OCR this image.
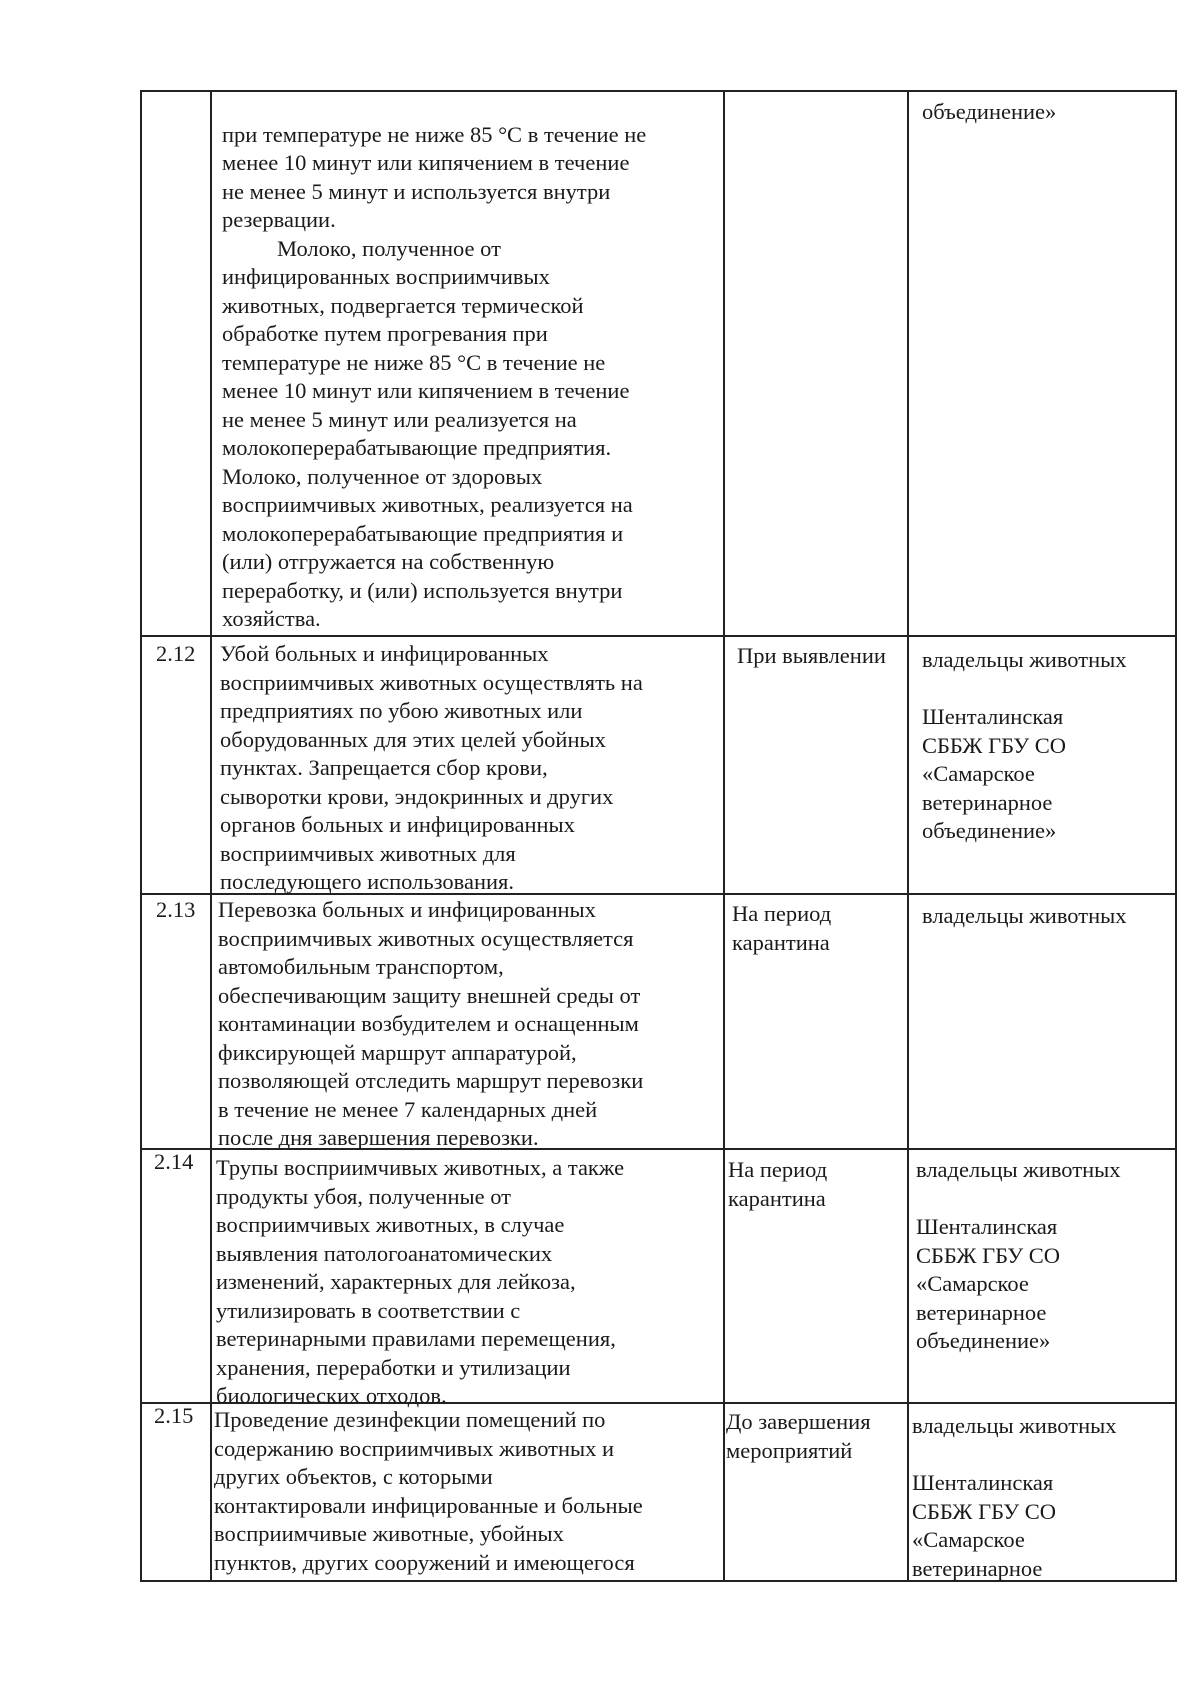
при температуре не ниже 85 °С в течение не
менее 10 минут или кипячением в течение
не менее 5 минут и используется внутри
резервации.

Молоко, полученное от
инфицированных восприимчивых
животных, подвергается термической
обработке путем прогревания при
температуре не ниже 85 °С в течение не
менее 10 минут или кипячением в течение
не менее 5 минут или реализуется на
молокоперерабатывающие предприятия.
Молоко, полученное от здоровых
восприимчивых животных, реализуется на
молокоперерабатывающие предприятия и
(или) отгружается на собственную
переработку, и (или) используется внутри
хозяйства.

объединение»
2.12 Убой больных и инфицированных
восприимчивых животных осуществлять на
предприятиях по убою животных или
оборудованных для этих целей убойных
пунктах. Запрещается сбор крови,
сыворотки крови, эндокринных и других
органов больных и инфицированных
восприимчивых животных для
последующего использования.
При выявлении	владельцы животных

Шенталинская
СББЖ ГБУ СО
«Самарское
ветеринарное
объединение»
2.13 Перевозка больных и инфицированных
восприимчивых животных осуществляется
автомобильным транспортом,
обеспечивающим защиту внешней среды от
контаминации возбудителем и оснащенным
фиксирующей маршрут аппаратурой,
позволяющей отследить маршрут перевозки
в течение не менее 7 календарных дней
после дня завершения перевозки.
На период
карантина
владельцы животных
2.14 Трупы восприимчивых животных, а также
продукты убоя, полученные от
восприимчивых животных, в случае
выявления патологоанатомических
изменений, характерных для лейкоза,
утилизировать в соответствии с
ветеринарными правилами перемещения,
хранения, переработки и утилизации
биологических отходов.
На период
карантина
владельцы животных

Шенталинская
СББЖ ГБУ СО
«Самарское
ветеринарное
объединение»
2.15 Проведение дезинфекции помещений по
содержанию восприимчивых животных и
других объектов, с которыми
контактировали инфицированные и больные
восприимчивые животные, убойных
пунктов, других сооружений и имеющегося
До завершения
мероприятий
владельцы животных

Шенталинская
СББЖ ГБУ СО
«Самарское
ветеринарное
